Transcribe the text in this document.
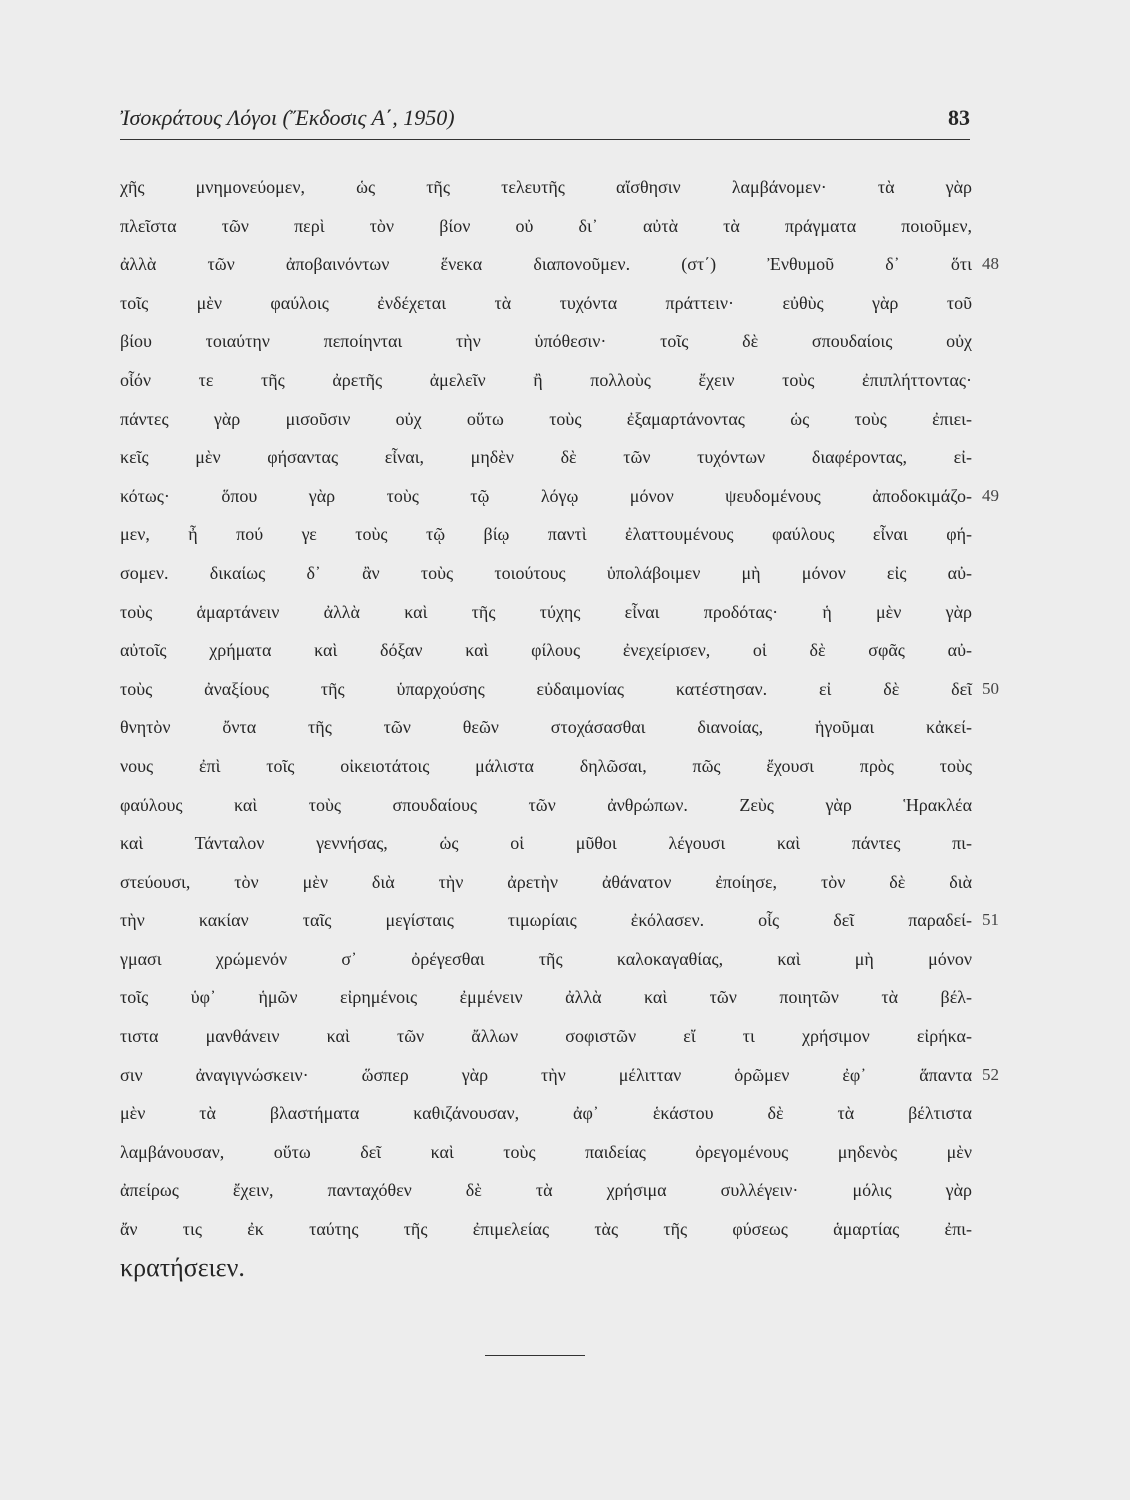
Ἰσοκράτους Λόγοι (Ἔκδοσις Α΄, 1950)	83
χῆς μνημονεύομεν, ὡς τῆς τελευτῆς αἴσθησιν λαμβάνομεν· τὰ γὰρ
πλεῖστα τῶν περὶ τὸν βίον οὐ δι᾽ αὐτὰ τὰ πράγματα ποιοῦμεν,
ἀλλὰ τῶν ἀποβαινόντων ἕνεκα διαπονοῦμεν. (στ΄) Ἐνθυμοῦ δ᾽ ὅτι 48
τοῖς μὲν φαύλοις ἐνδέχεται τὰ τυχόντα πράττειν· εὐθὺς γὰρ τοῦ
βίου τοιαύτην πεποίηνται τὴν ὑπόθεσιν· τοῖς δὲ σπουδαίοις οὐχ
οἷόν τε τῆς ἀρετῆς ἀμελεῖν ἢ πολλοὺς ἔχειν τοὺς ἐπιπλήττοντας·
πάντες γὰρ μισοῦσιν οὐχ οὕτω τοὺς ἐξαμαρτάνοντας ὡς τοὺς ἐπιει-
κεῖς μὲν φήσαντας εἶναι, μηδὲν δὲ τῶν τυχόντων διαφέροντας, εἰ-
κότως· ὅπου γὰρ τοὺς τῷ λόγῳ μόνον ψευδομένους ἀποδοκιμάζο- 49
μεν, ἦ πού γε τοὺς τῷ βίῳ παντὶ ἐλαττουμένους φαύλους εἶναι φή-
σομεν. δικαίως δ᾽ ἂν τοὺς τοιούτους ὑπολάβοιμεν μὴ μόνον εἰς αὐ-
τοὺς ἁμαρτάνειν ἀλλὰ καὶ τῆς τύχης εἶναι προδότας· ἡ μὲν γὰρ
αὐτοῖς χρήματα καὶ δόξαν καὶ φίλους ἐνεχείρισεν, οἱ δὲ σφᾶς αὐ-
τοὺς ἀναξίους τῆς ὑπαρχούσης εὐδαιμονίας κατέστησαν. εἰ δὲ δεῖ 50
θνητὸν ὄντα τῆς τῶν θεῶν στοχάσασθαι διανοίας, ἡγοῦμαι κἀκεί-
νους ἐπὶ τοῖς οἰκειοτάτοις μάλιστα δηλῶσαι, πῶς ἔχουσι πρὸς τοὺς
φαύλους καὶ τοὺς σπουδαίους τῶν ἀνθρώπων. Ζεὺς γὰρ Ἡρακλέα
καὶ Τάνταλον γεννήσας, ὡς οἱ μῦθοι λέγουσι καὶ πάντες πι-
στεύουσι, τὸν μὲν διὰ τὴν ἀρετὴν ἀθάνατον ἐποίησε, τὸν δὲ διὰ
τὴν κακίαν ταῖς μεγίσταις τιμωρίαις ἐκόλασεν. οἷς δεῖ παραδεί- 51
γμασι χρώμενόν σ᾽ ὀρέγεσθαι τῆς καλοκαγαθίας, καὶ μὴ μόνον
τοῖς ὑφ᾽ ἡμῶν εἰρημένοις ἐμμένειν ἀλλὰ καὶ τῶν ποιητῶν τὰ βέλ-
τιστα μανθάνειν καὶ τῶν ἄλλων σοφιστῶν εἴ τι χρήσιμον εἰρήκα-
σιν ἀναγιγνώσκειν· ὥσπερ γὰρ τὴν μέλιτταν ὁρῶμεν ἐφ᾽ ἅπαντα 52
μὲν τὰ βλαστήματα καθιζάνουσαν, ἀφ᾽ ἑκάστου δὲ τὰ βέλτιστα
λαμβάνουσαν, οὕτω δεῖ καὶ τοὺς παιδείας ὀρεγομένους μηδενὸς μὲν
ἀπείρως ἔχειν, πανταχόθεν δὲ τὰ χρήσιμα συλλέγειν· μόλις γὰρ
ἄν τις ἐκ ταύτης τῆς ἐπιμελείας τὰς τῆς φύσεως ἁμαρτίας ἐπι-
κρατήσειεν.
